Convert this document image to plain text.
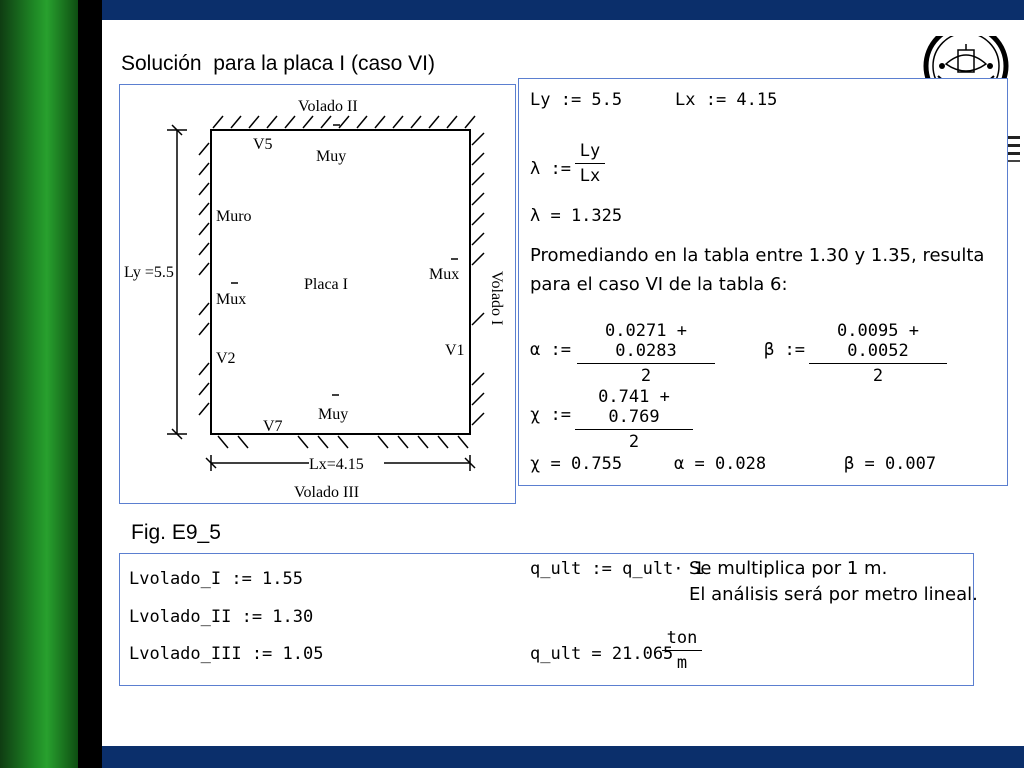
Solución  para la placa I (caso VI)
Volado II
Volado III
Volado I
Ly =5.5
Lx=4.15
Placa I
Muro
V5
V2
V7
V1
Muy
Muy
Mux
Mux
Fig. E9_5
Ly := 5.5	Lx := 4.15
λ :=
Ly
Lx
λ = 1.325
Promediando en la tabla entre 1.30 y 1.35, resulta
para el caso VI de la tabla 6:
α :=
0.0271 + 0.0283
2
β :=
0.0095 + 0.0052
2
χ :=
0.741 + 0.769
2
χ = 0.755	α = 0.028	β = 0.007
Lvolado_I := 1.55
Lvolado_II := 1.30
Lvolado_III := 1.05
q_ult := q_ult· 1
Se multiplica por 1 m.
El análisis será por metro lineal.
q_ult = 21.065
ton
m
